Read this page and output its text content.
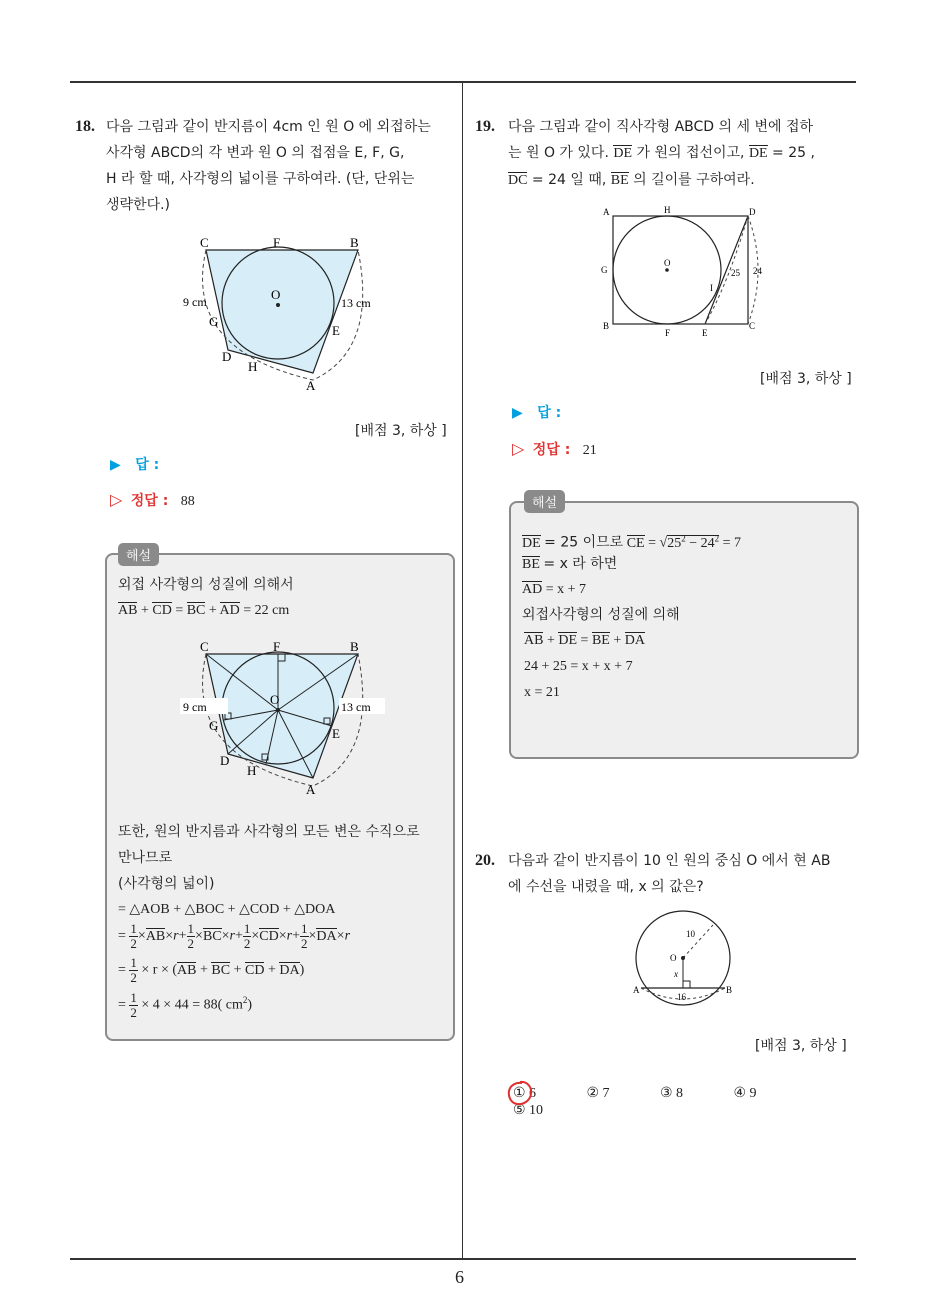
6
18. 다음 그림과 같이 반지름이 4cm 인 원 O 에 외접하는
사각형 ABCD의 각 변과 원 O 의 접점을 E, F, G,
H 라 할 때, 사각형의 넓이를 구하여라. (단, 단위는
생략한다.)
C	F	B
O
9 cm	13 cm
G
E
D
H
A
[배점 3, 하상 ]
▶ 답 :
▷ 정답 : 88
해설
외접 사각형의 성질에 의해서
AB + CD = BC + AD = 22 cm
C	F	B
O
9 cm	13 cm
G
E
D
H
A
또한, 원의 반지름과 사각형의 모든 변은 수직으로
만나므로
(사각형의 넓이)
= △AOB + △BOC + △COD + △DOA
= $\frac{1}{2} \times AB\times r+ \frac{1}{2} \times BC\times r+ \frac{1}{2} \times CD\times r+ \frac{1}{2} \times DA\times r$
= $\frac{1}{2} \times r \times (AB$ + BC + CD + DA)
= $\frac{1}{2} \times 4 \times 44 = 88$( $cm^2$)
19. 다음 그림과 같이 직사각형 ABCD 의 세 변에 접하
는 원 O 가 있다. DE 가 원의 접선이고, DE = 25 ,
DC = 24 일 때, BE 의 길이를 구하여라.
A	H	D
G
O
I
25 24
B
F	E
C
[배점 3, 하상 ]
▶ 답 :
▷ 정답 : 21
해설
DE = 25 이므로 CE = $√25^2 - 24^2 = 7$
BE = x 라 하면
AD = x + 7
외접사각형의 성질에 의해
AB + DE = BE + DA
24 + 25 = x + x + 7
x = 21
20. 다음과 같이 반지름이 10 인 원의 중심 O 에서 현 AB
에 수선을 내렸을 때, x 의 값은?
10
O
x
A
16
B
[배점 3, 하상 ]
① 6	② 7	③ 8	④ 9 ⑤ 10
